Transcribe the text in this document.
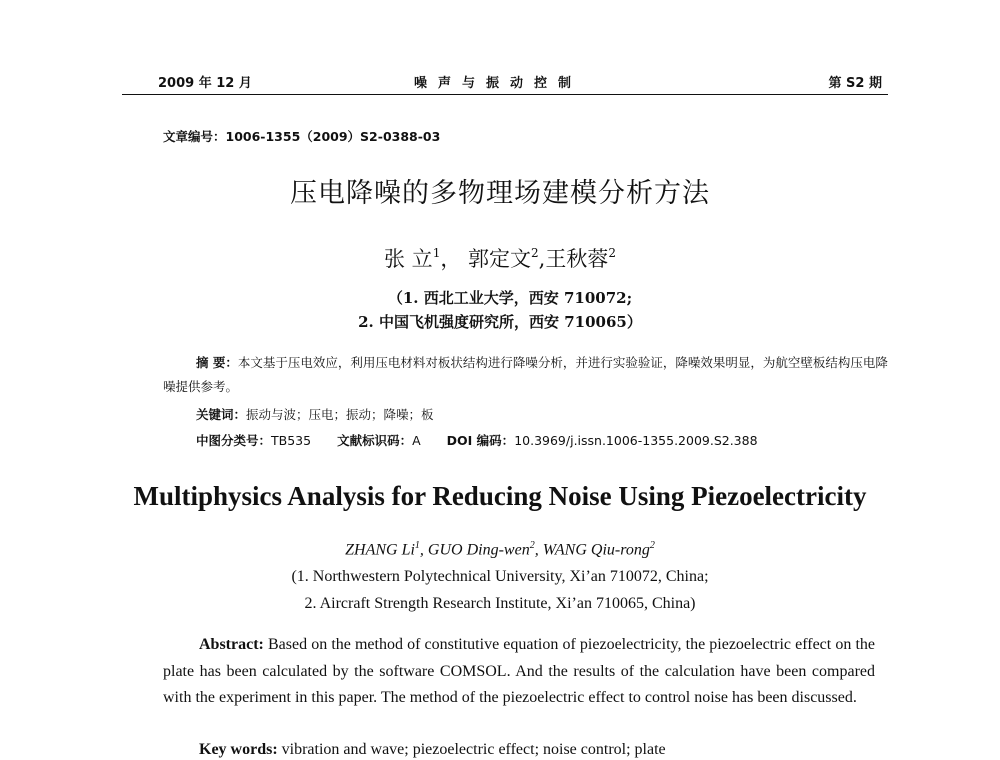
2009 年 12 月	噪声与振动控制	第 S2 期
文章编号：1006-1355（2009）S2-0388-03
压电降噪的多物理场建模分析方法
张 立$^1$， 郭定文$^2$,王秋蓉$^2$
（1. 西北工业大学，西安 710072;
2. 中国飞机强度研究所，西安 710065）
摘 要：本文基于压电效应，利用压电材料对板状结构进行降噪分析，并进行实验验证，降噪效果明显，为航空壁板结构压电降噪提供参考。
关键词：振动与波；压电；振动；降噪；板
中图分类号：TB535 文献标识码：A DOI 编码：10.3969/j.issn.1006-1355.2009.S2.388
Multiphysics Analysis for Reducing Noise Using Piezoelectricity
ZHANG Li$^1$, GUO Ding-wen$^2$, WANG Qiu-rong$^2$
(1. Northwestern Polytechnical University, Xi’an 710072, China;
2. Aircraft Strength Research Institute, Xi’an 710065, China)
Abstract: Based on the method of constitutive equation of piezoelectricity, the piezoelectric effect on the plate has been calculated by the software COMSOL. And the results of the calculation have been compared with the experiment in this paper. The method of the piezoelectric effect to control noise has been discussed.
Key words: vibration and wave; piezoelectric effect; noise control; plate
